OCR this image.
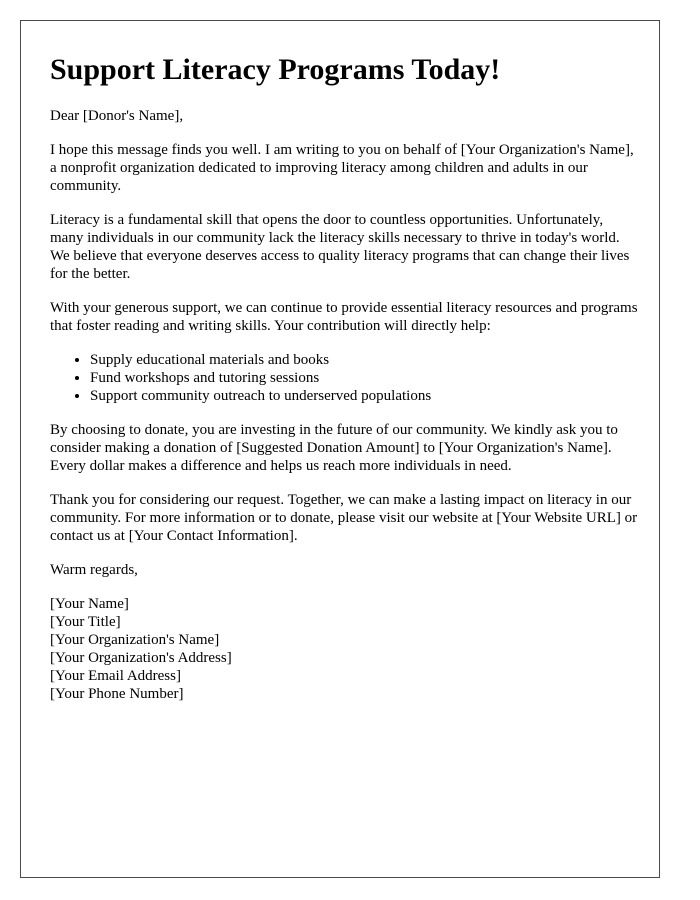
Support Literacy Programs Today!

Dear [Donor's Name],

I hope this message finds you well. I am writing to you on behalf of [Your Organization's Name], a nonprofit organization dedicated to improving literacy among children and adults in our community.

Literacy is a fundamental skill that opens the door to countless opportunities. Unfortunately, many individuals in our community lack the literacy skills necessary to thrive in today's world. We believe that everyone deserves access to quality literacy programs that can change their lives for the better.

With your generous support, we can continue to provide essential literacy resources and programs that foster reading and writing skills. Your contribution will directly help:

• Supply educational materials and books
• Fund workshops and tutoring sessions
• Support community outreach to underserved populations

By choosing to donate, you are investing in the future of our community. We kindly ask you to consider making a donation of [Suggested Donation Amount] to [Your Organization's Name]. Every dollar makes a difference and helps us reach more individuals in need.

Thank you for considering our request. Together, we can make a lasting impact on literacy in our community. For more information or to donate, please visit our website at [Your Website URL] or contact us at [Your Contact Information].

Warm regards,

[Your Name]
[Your Title]
[Your Organization's Name]
[Your Organization's Address]
[Your Email Address]
[Your Phone Number]
